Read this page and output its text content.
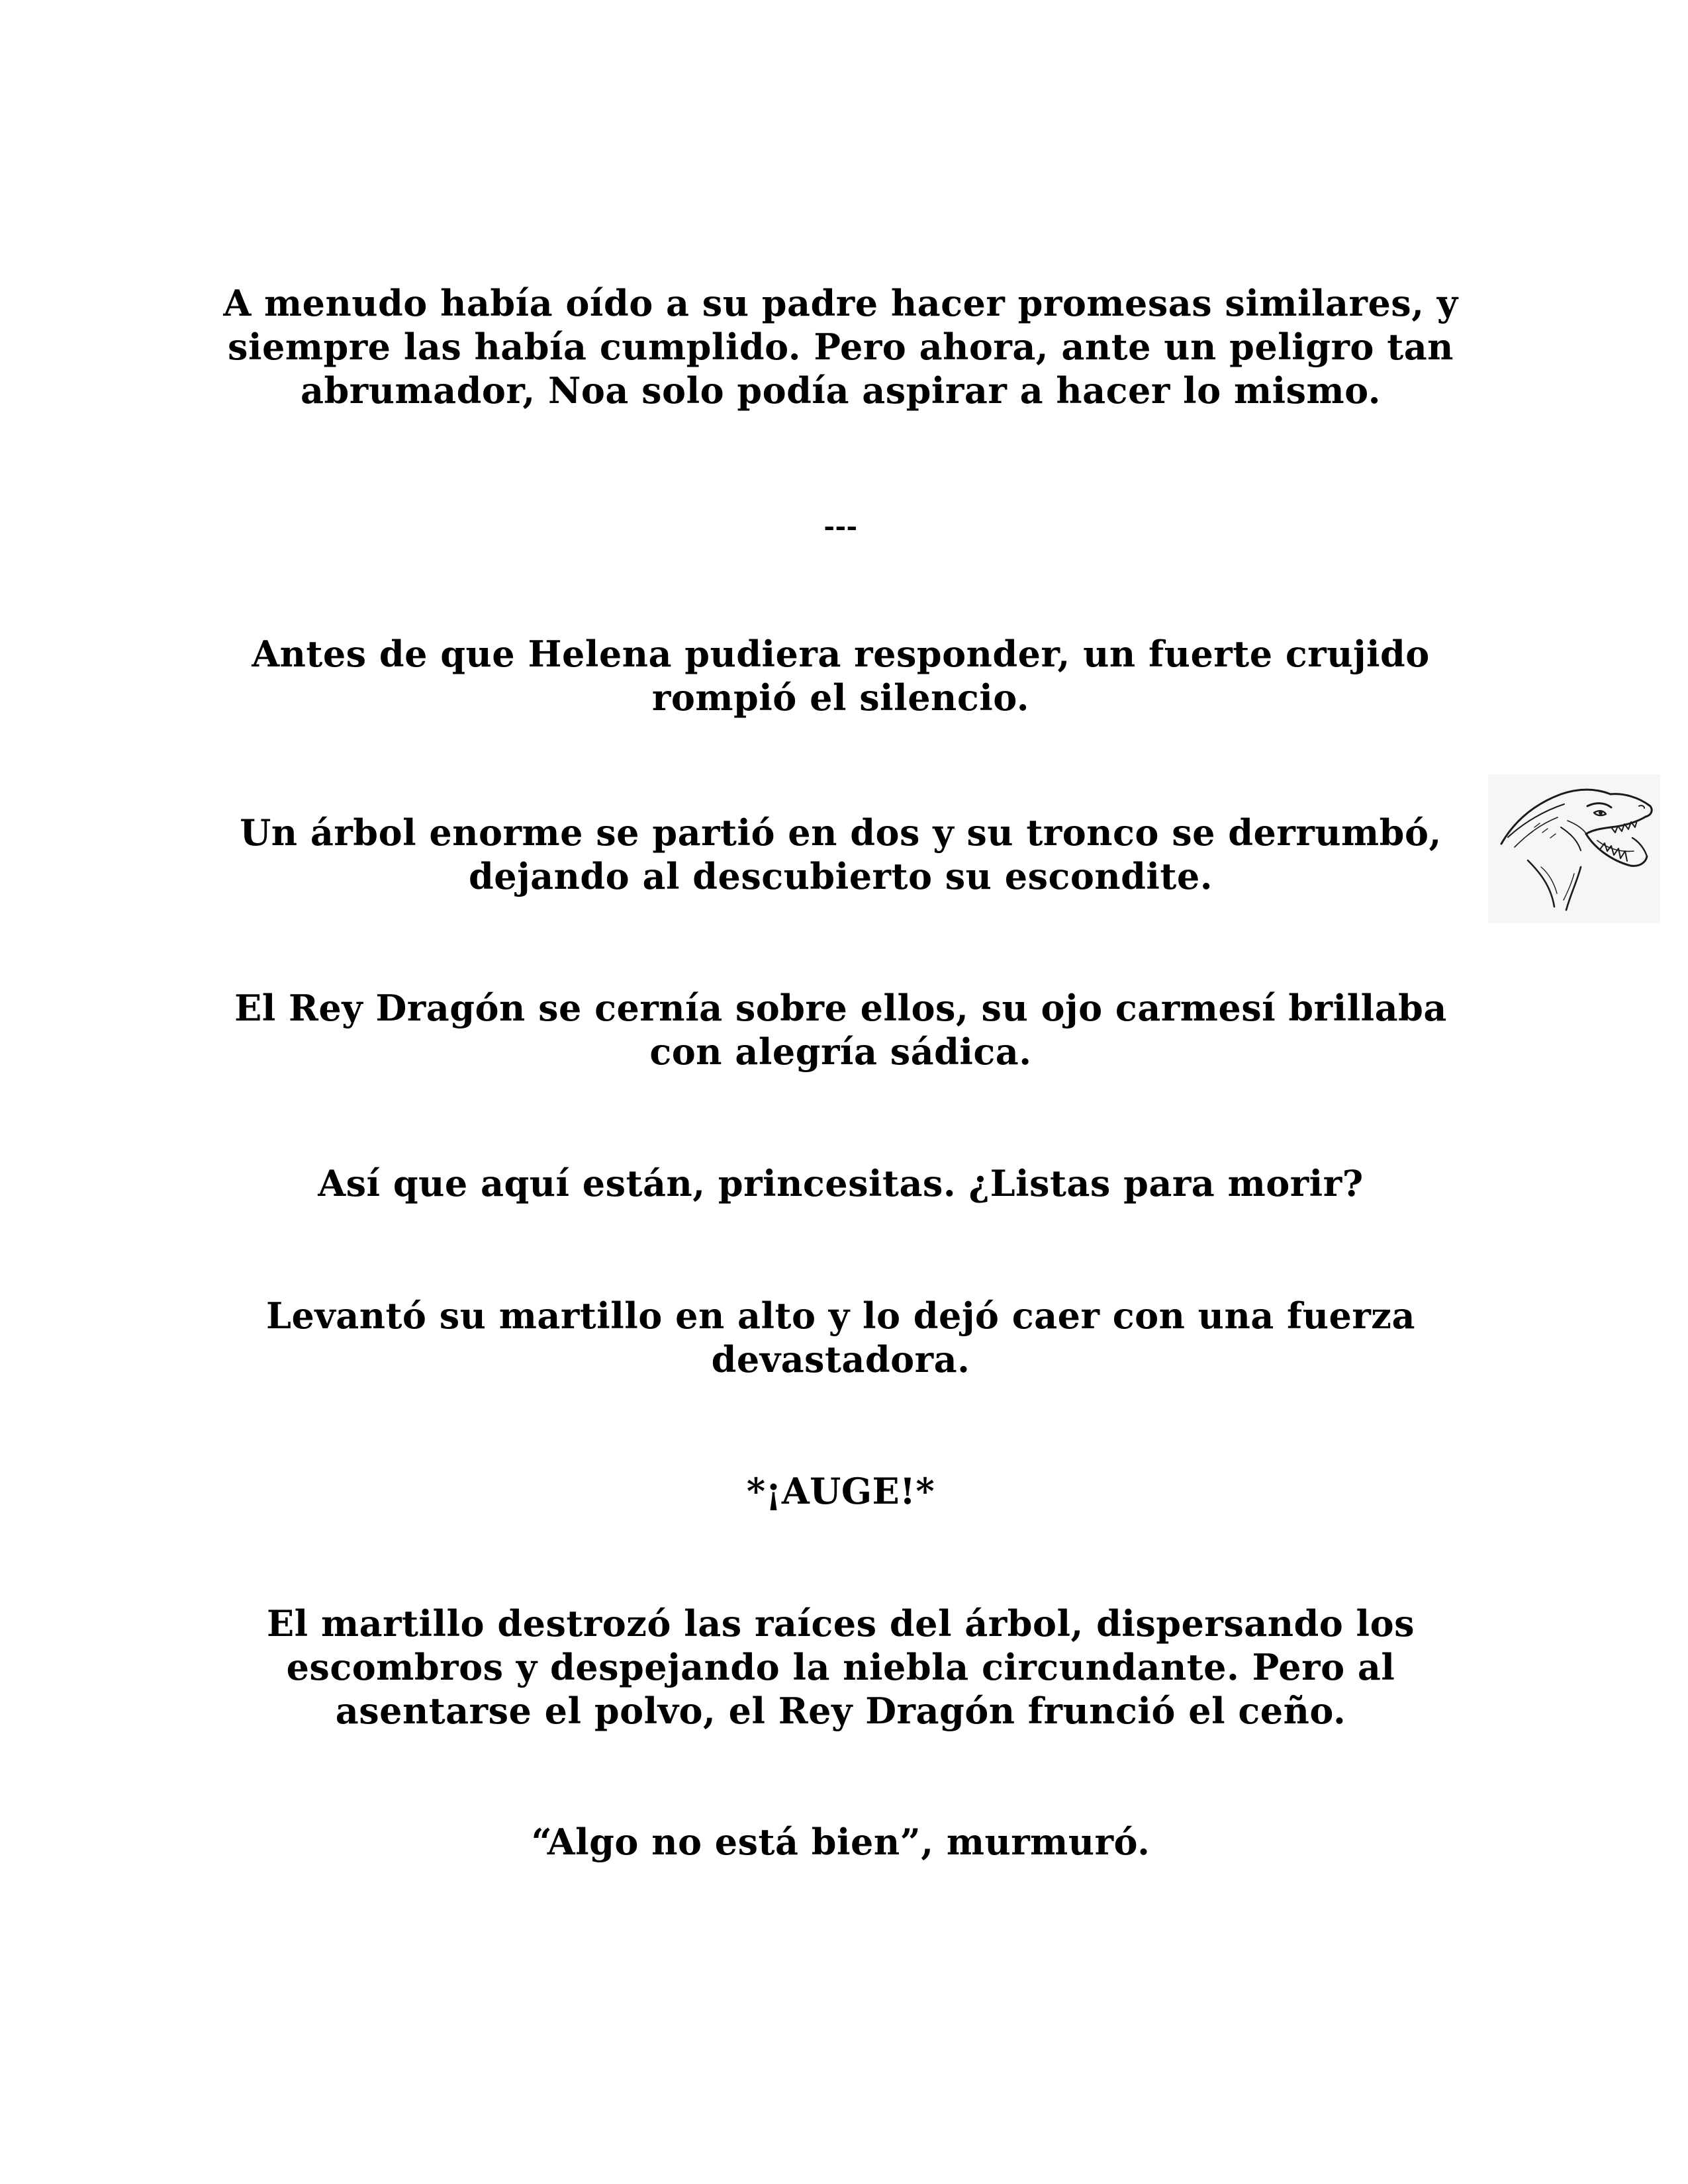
A menudo había oído a su padre hacer promesas similares, y siempre las había cumplido. Pero ahora, ante un peligro tan abrumador, Noa solo podía aspirar a hacer lo mismo.

---

Antes de que Helena pudiera responder, un fuerte crujido rompió el silencio.

Un árbol enorme se partió en dos y su tronco se derrumbó, dejando al descubierto su escondite.

El Rey Dragón se cernía sobre ellos, su ojo carmesí brillaba con alegría sádica.

Así que aquí están, princesitas. ¿Listas para morir?

Levantó su martillo en alto y lo dejó caer con una fuerza devastadora.

*¡AUGE!*

El martillo destrozó las raíces del árbol, dispersando los escombros y despejando la niebla circundante. Pero al asentarse el polvo, el Rey Dragón frunció el ceño.

“Algo no está bien”, murmuró.
